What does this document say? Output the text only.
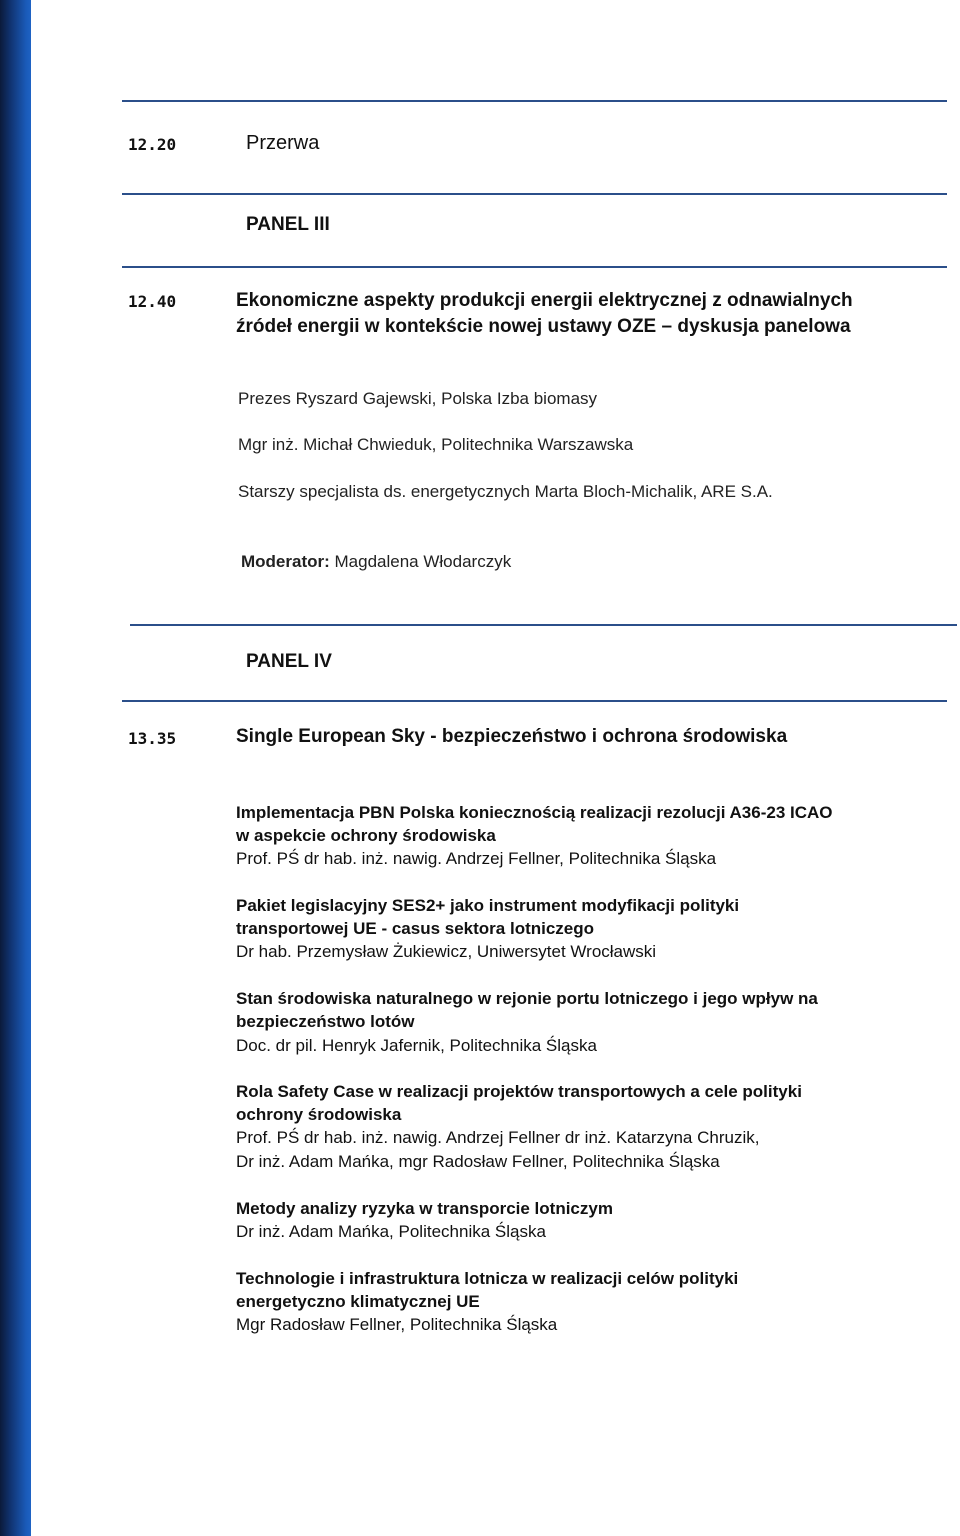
12.20	Przerwa
PANEL III
12.40	Ekonomiczne aspekty produkcji energii elektrycznej z odnawialnych
źródeł energii w kontekście nowej ustawy OZE – dyskusja panelowa
Prezes Ryszard Gajewski, Polska Izba biomasy
Mgr inż. Michał Chwieduk, Politechnika Warszawska
Starszy specjalista ds. energetycznych Marta Bloch-Michalik, ARE S.A.
Moderator: Magdalena Włodarczyk
PANEL IV
13.35	Single European Sky - bezpieczeństwo i ochrona środowiska
Implementacja PBN Polska koniecznością realizacji rezolucji A36-23 ICAO
w aspekcie ochrony środowiska
Prof. PŚ dr hab. inż. nawig. Andrzej Fellner, Politechnika Śląska
Pakiet legislacyjny SES2+ jako instrument modyfikacji polityki
transportowej UE - casus sektora lotniczego
Dr hab. Przemysław Żukiewicz, Uniwersytet Wrocławski
Stan środowiska naturalnego w rejonie portu lotniczego i jego wpływ na
bezpieczeństwo lotów
Doc. dr pil. Henryk Jafernik, Politechnika Śląska
Rola Safety Case w realizacji projektów transportowych a cele polityki
ochrony środowiska
Prof. PŚ dr hab. inż. nawig. Andrzej Fellner dr inż. Katarzyna Chruzik,
Dr inż. Adam Mańka, mgr Radosław Fellner, Politechnika Śląska
Metody analizy ryzyka w transporcie lotniczym
Dr inż. Adam Mańka, Politechnika Śląska
Technologie i infrastruktura lotnicza w realizacji celów polityki
energetyczno klimatycznej UE
Mgr Radosław Fellner, Politechnika Śląska
